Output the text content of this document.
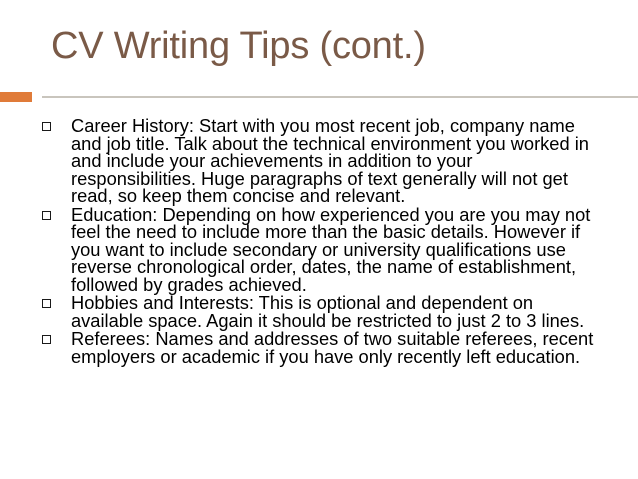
CV Writing Tips (cont.)
Career History: Start with you most recent job, company name and job title. Talk about the technical environment you worked in and include your achievements in addition to your responsibilities. Huge paragraphs of text generally will not get read, so keep them concise and relevant.
Education: Depending on how experienced you are you may not feel the need to include more than the basic details. However if you want to include secondary or university qualifications use reverse chronological order, dates, the name of establishment, followed by grades achieved.
Hobbies and Interests: This is optional and dependent on available space. Again it should be restricted to just 2 to 3 lines.
Referees: Names and addresses of two suitable referees, recent employers or academic if you have only recently left education.
